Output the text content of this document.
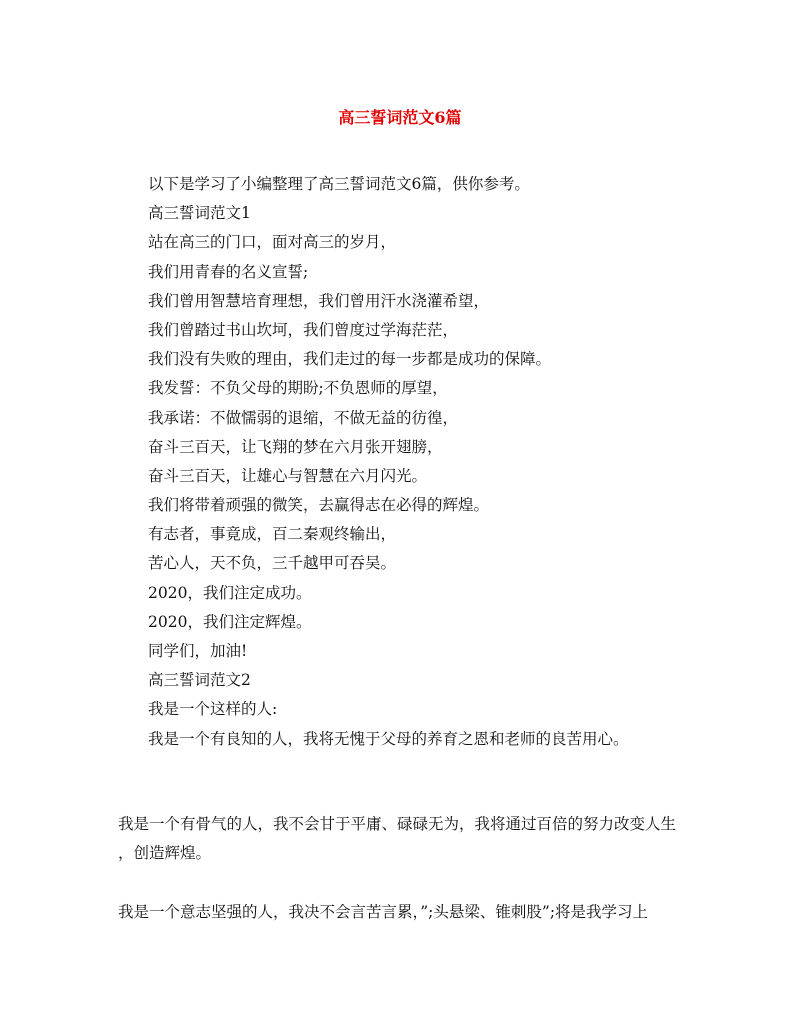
高三誓词范文6篇
以下是学习了小编整理了高三誓词范文6篇，供你参考。
高三誓词范文1
站在高三的门口，面对高三的岁月，
我们用青春的名义宣誓;
我们曾用智慧培育理想，我们曾用汗水浇灌希望，
我们曾踏过书山坎坷，我们曾度过学海茫茫，
我们没有失败的理由，我们走过的每一步都是成功的保障。
我发誓：不负父母的期盼;不负恩师的厚望，
我承诺：不做懦弱的退缩，不做无益的彷徨，
奋斗三百天，让飞翔的梦在六月张开翅膀，
奋斗三百天，让雄心与智慧在六月闪光。
我们将带着顽强的微笑，去赢得志在必得的辉煌。
有志者，事竟成，百二秦观终输出，
苦心人，天不负，三千越甲可吞吴。
2020，我们注定成功。
2020，我们注定辉煌。
同学们，加油!
高三誓词范文2
我是一个这样的人:
我是一个有良知的人，我将无愧于父母的养育之恩和老师的良苦用心。
我是一个有骨气的人，我不会甘于平庸、碌碌无为，我将通过百倍的努力改变人生
，创造辉煌。
我是一个意志坚强的人，我决不会言苦言累，”;头悬梁、锥刺股”;将是我学习上
